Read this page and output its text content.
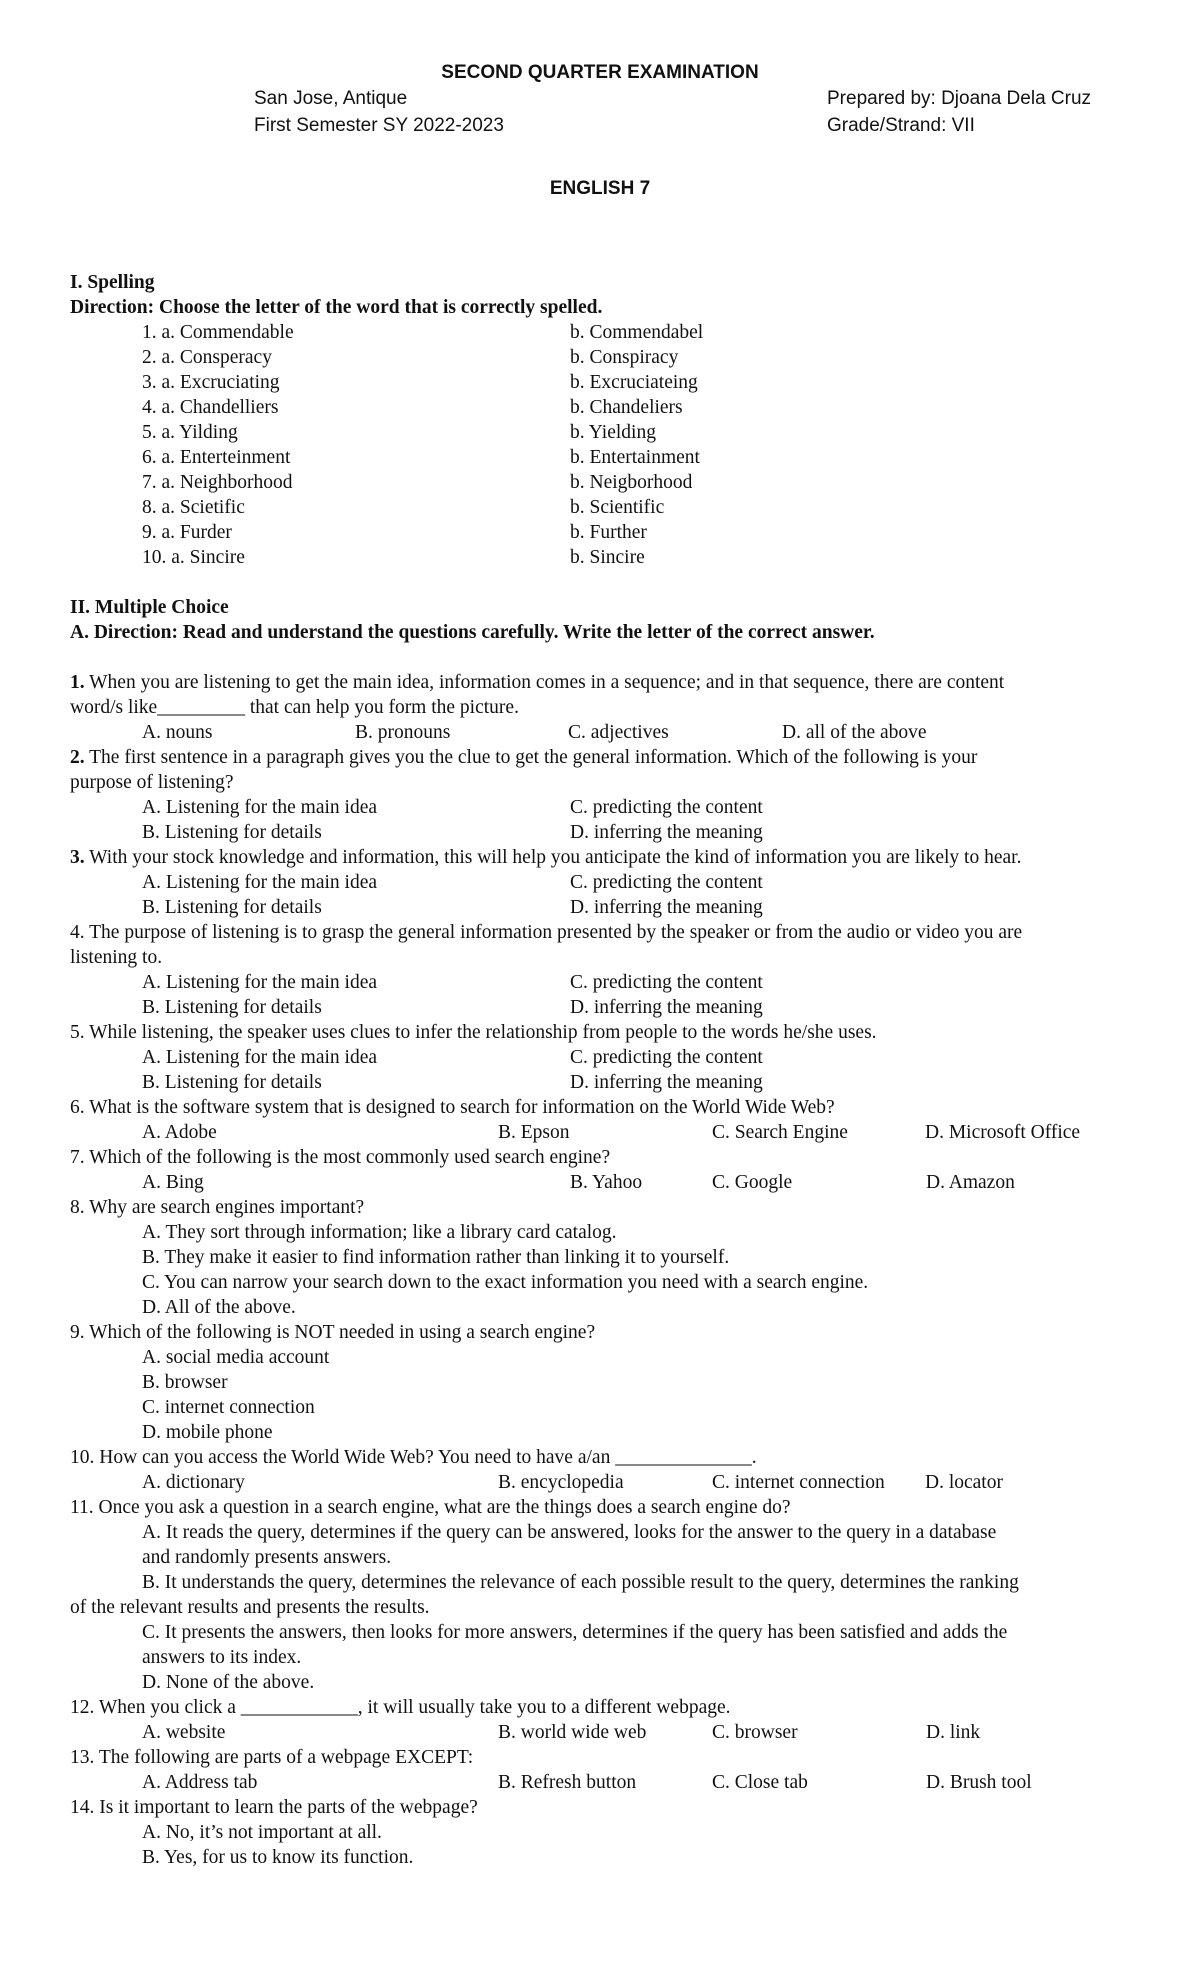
SECOND QUARTER EXAMINATION
San Jose, Antique
First Semester SY 2022-2023
Prepared by: Djoana Dela Cruz
Grade/Strand: VII
ENGLISH 7
I. Spelling
Direction: Choose the letter of the word that is correctly spelled.
1. a. Commendable	b. Commendabel
2. a. Consperacy	b. Conspiracy
3. a. Excruciating	b. Excruciateing
4. a. Chandelliers	b. Chandeliers
5. a. Yilding	b. Yielding
6. a. Enterteinment	b. Entertainment
7. a. Neighborhood	b. Neigborhood
8. a. Scietific	b. Scientific
9. a. Furder	b. Further
10. a. Sincire	b. Sincire
II. Multiple Choice
A. Direction: Read and understand the questions carefully. Write the letter of the correct answer.
1. When you are listening to get the main idea, information comes in a sequence; and in that sequence, there are content
word/s like_________ that can help you form the picture.
A. nouns	B. pronouns	C. adjectives	D. all of the above
2. The first sentence in a paragraph gives you the clue to get the general information. Which of the following is your
purpose of listening?
A. Listening for the main idea	C. predicting the content
B. Listening for details	D. inferring the meaning
3. With your stock knowledge and information, this will help you anticipate the kind of information you are likely to hear.
A. Listening for the main idea	C. predicting the content
B. Listening for details	D. inferring the meaning
4. The purpose of listening is to grasp the general information presented by the speaker or from the audio or video you are
listening to.
A. Listening for the main idea	C. predicting the content
B. Listening for details	D. inferring the meaning
5. While listening, the speaker uses clues to infer the relationship from people to the words he/she uses.
A. Listening for the main idea	C. predicting the content
B. Listening for details	D. inferring the meaning
6. What is the software system that is designed to search for information on the World Wide Web?
A. Adobe	B. Epson	C. Search Engine	D. Microsoft Office
7. Which of the following is the most commonly used search engine?
A. Bing	B. Yahoo	C. Google	D. Amazon
8. Why are search engines important?
A. They sort through information; like a library card catalog.
B. They make it easier to find information rather than linking it to yourself.
C. You can narrow your search down to the exact information you need with a search engine.
D. All of the above.
9. Which of the following is NOT needed in using a search engine?
A. social media account
B. browser
C. internet connection
D. mobile phone
10. How can you access the World Wide Web? You need to have a/an ______________.
A. dictionary	B. encyclopedia	C. internet connection D. locator
11. Once you ask a question in a search engine, what are the things does a search engine do?
A. It reads the query, determines if the query can be answered, looks for the answer to the query in a database
and randomly presents answers.
B. It understands the query, determines the relevance of each possible result to the query, determines the ranking
of the relevant results and presents the results.
C. It presents the answers, then looks for more answers, determines if the query has been satisfied and adds the
answers to its index.
D. None of the above.
12. When you click a ____________, it will usually take you to a different webpage.
A. website	B. world wide web	C. browser	D. link
13. The following are parts of a webpage EXCEPT:
A. Address tab	B. Refresh button	C. Close tab	D. Brush tool
14. Is it important to learn the parts of the webpage?
A. No, it’s not important at all.
B. Yes, for us to know its function.
